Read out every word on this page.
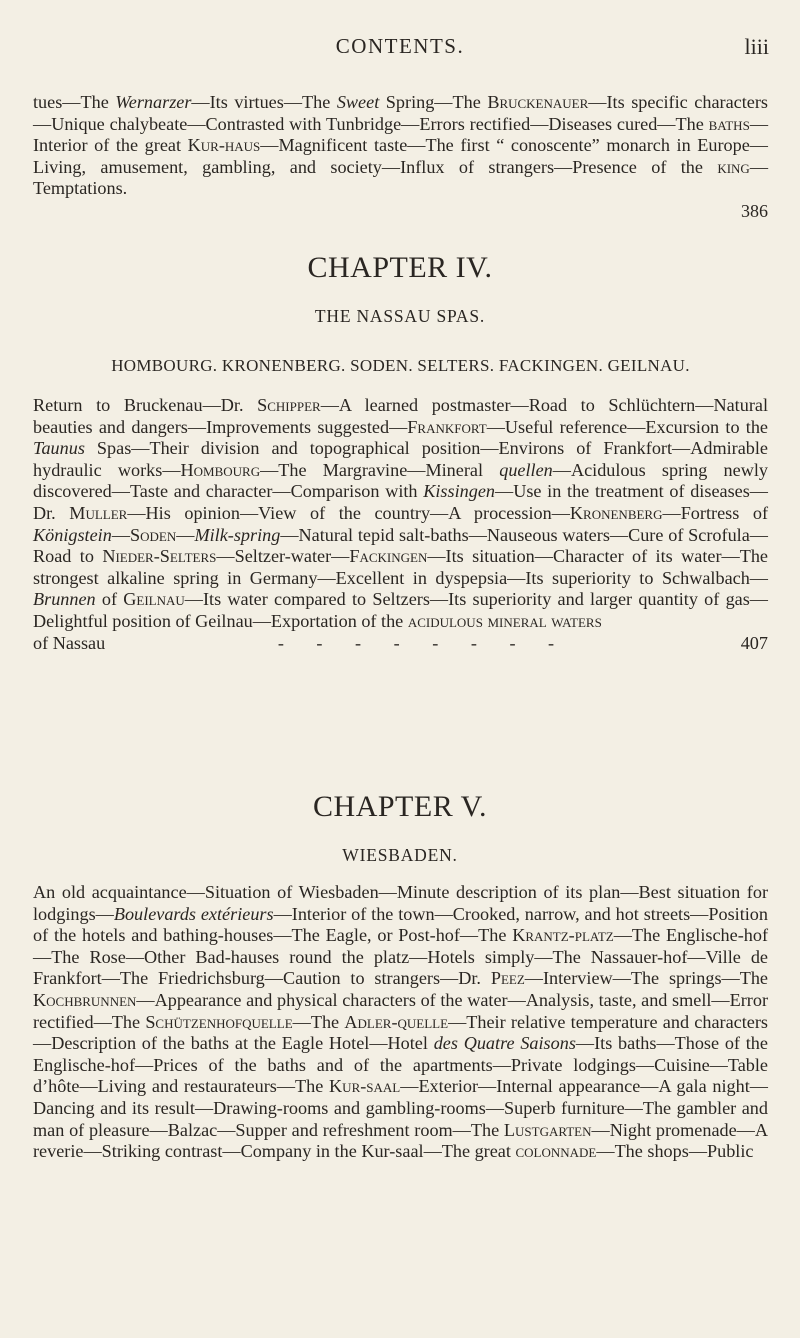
CONTENTS.	liii
tues—The Wernarzer—Its virtues—The Sweet Spring—The Bruckenauer—Its specific characters—Unique chalybeate—Contrasted with Tunbridge—Errors rectified—Diseases cured—The baths—Interior of the great Kur-haus—Magnificent taste—The first “ conoscente” monarch in Europe—Living, amusement, gambling, and society—Influx of strangers—Presence of the king—Temptations.
386
CHAPTER IV.
THE NASSAU SPAS.
HOMBOURG. KRONENBERG. SODEN. SELTERS. FACKINGEN. GEILNAU.
Return to Bruckenau—Dr. Schipper—A learned postmaster—Road to Schlüchtern—Natural beauties and dangers—Improvements suggested—Frankfort—Useful reference—Excursion to the Taunus Spas—Their division and topographical position—Environs of Frankfort—Admirable hydraulic works—Hombourg—The Margravine—Mineral quellen—Acidulous spring newly discovered—Taste and character—Comparison with Kissingen—Use in the treatment of diseases—Dr. Muller—His opinion—View of the country—A procession—Kronenberg—Fortress of Königstein—Soden—Milk-spring—Natural tepid salt-baths—Nauseous waters—Cure of Scrofula—Road to Nieder-Selters—Seltzer-water—Fackingen—Its situation—Character of its water—The strongest alkaline spring in Germany—Excellent in dyspepsia—Its superiority to Schwalbach—Brunnen of Geilnau—Its water compared to Seltzers—Its superiority and larger quantity of gas—Delightful position of Geilnau—Exportation of the acidulous mineral waters
of Nassau	- - - - - - - -	407
CHAPTER V.
WIESBADEN.
An old acquaintance—Situation of Wiesbaden—Minute description of its plan—Best situation for lodgings—Boulevards extérieurs—Interior of the town—Crooked, narrow, and hot streets—Position of the hotels and bathing-houses—The Eagle, or Post-hof—The Krantz-platz—The Englische-hof—The Rose—Other Bad-hauses round the platz—Hotels simply—The Nassauer-hof—Ville de Frankfort—The Friedrichsburg—Caution to strangers—Dr. Peez—Interview—The springs—The Kochbrunnen—Appearance and physical characters of the water—Analysis, taste, and smell—Error rectified—The Schützenhofquelle—The Adler-quelle—Their relative temperature and characters—Description of the baths at the Eagle Hotel—Hotel des Quatre Saisons—Its baths—Those of the Englische-hof—Prices of the baths and of the apartments—Private lodgings—Cuisine—Table d’hôte—Living and restaurateurs—The Kur-saal—Exterior—Internal appearance—A gala night—Dancing and its result—Drawing-rooms and gambling-rooms—Superb furniture—The gambler and man of pleasure—Balzac—Supper and refreshment room—The Lustgarten—Night promenade—A reverie—Striking contrast—Company in the Kur-saal—The great colonnade—The shops—Public
